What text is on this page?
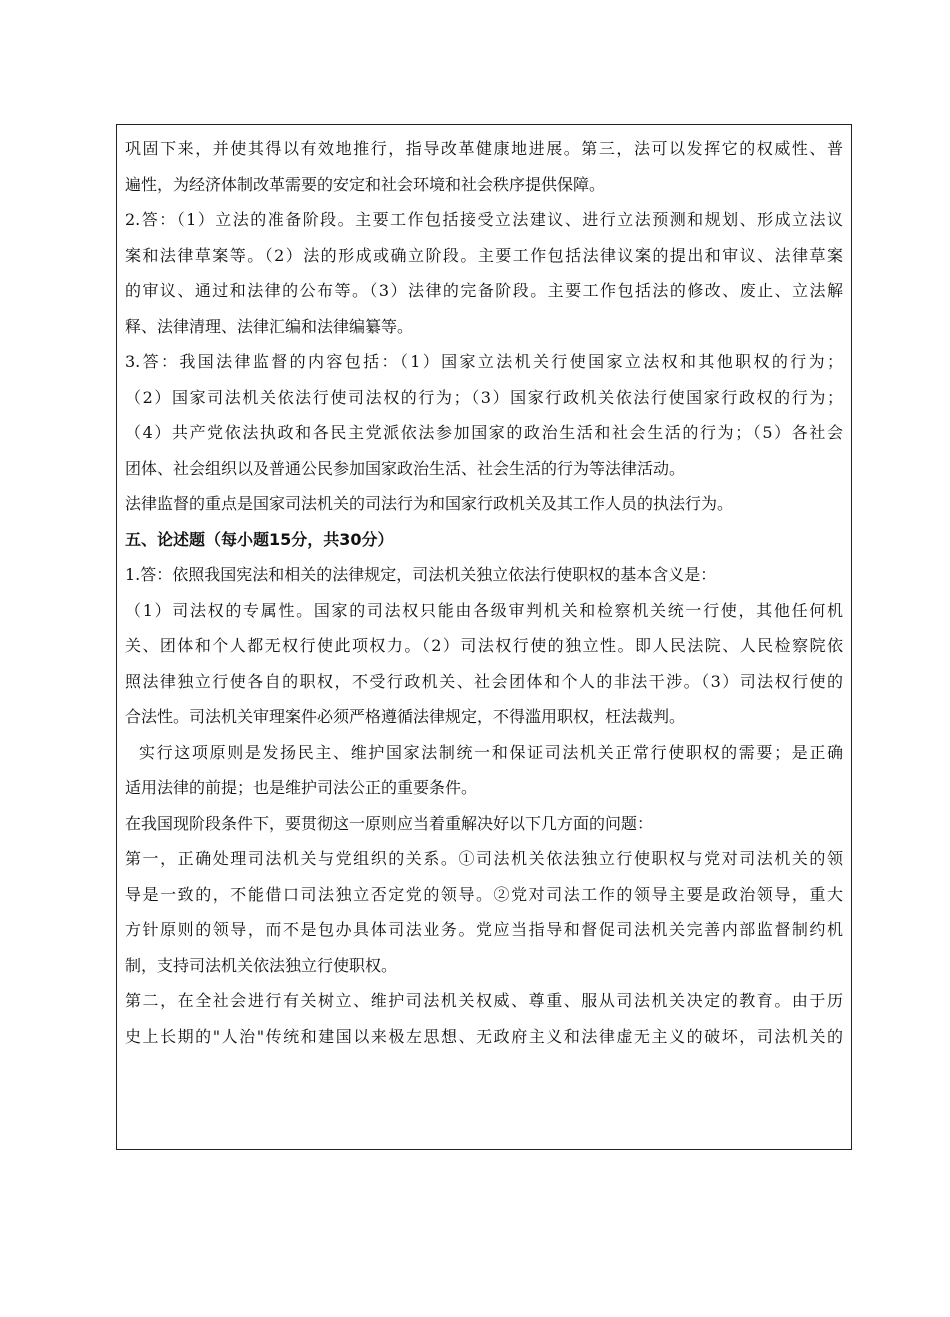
巩固下来，并使其得以有效地推行，指导改革健康地进展。第三，法可以发挥它的权威性、普
遍性，为经济体制改革需要的安定和社会环境和社会秩序提供保障。
2.答：（1）立法的准备阶段。主要工作包括接受立法建议、进行立法预测和规划、形成立法议
案和法律草案等。（2）法的形成或确立阶段。主要工作包括法律议案的提出和审议、法律草案
的审议、通过和法律的公布等。（3）法律的完备阶段。主要工作包括法的修改、废止、立法解
释、法律清理、法律汇编和法律编纂等。
3.答：我国法律监督的内容包括：（1）国家立法机关行使国家立法权和其他职权的行为；
（2）国家司法机关依法行使司法权的行为；（3）国家行政机关依法行使国家行政权的行为；
（4）共产党依法执政和各民主党派依法参加国家的政治生活和社会生活的行为；（5）各社会
团体、社会组织以及普通公民参加国家政治生活、社会生活的行为等法律活动。
法律监督的重点是国家司法机关的司法行为和国家行政机关及其工作人员的执法行为。
五、论述题（每小题15分，共30分）
1.答：依照我国宪法和相关的法律规定，司法机关独立依法行使职权的基本含义是：
（1）司法权的专属性。国家的司法权只能由各级审判机关和检察机关统一行使，其他任何机
关、团体和个人都无权行使此项权力。（2）司法权行使的独立性。即人民法院、人民检察院依
照法律独立行使各自的职权，不受行政机关、社会团体和个人的非法干涉。（3）司法权行使的
合法性。司法机关审理案件必须严格遵循法律规定，不得滥用职权，枉法裁判。
实行这项原则是发扬民主、维护国家法制统一和保证司法机关正常行使职权的需要；是正确
适用法律的前提；也是维护司法公正的重要条件。
在我国现阶段条件下，要贯彻这一原则应当着重解决好以下几方面的问题：
第一，正确处理司法机关与党组织的关系。①司法机关依法独立行使职权与党对司法机关的领
导是一致的，不能借口司法独立否定党的领导。②党对司法工作的领导主要是政治领导，重大
方针原则的领导，而不是包办具体司法业务。党应当指导和督促司法机关完善内部监督制约机
制，支持司法机关依法独立行使职权。
第二，在全社会进行有关树立、维护司法机关权威、尊重、服从司法机关决定的教育。由于历
史上长期的"人治"传统和建国以来极左思想、无政府主义和法律虚无主义的破坏，司法机关的
